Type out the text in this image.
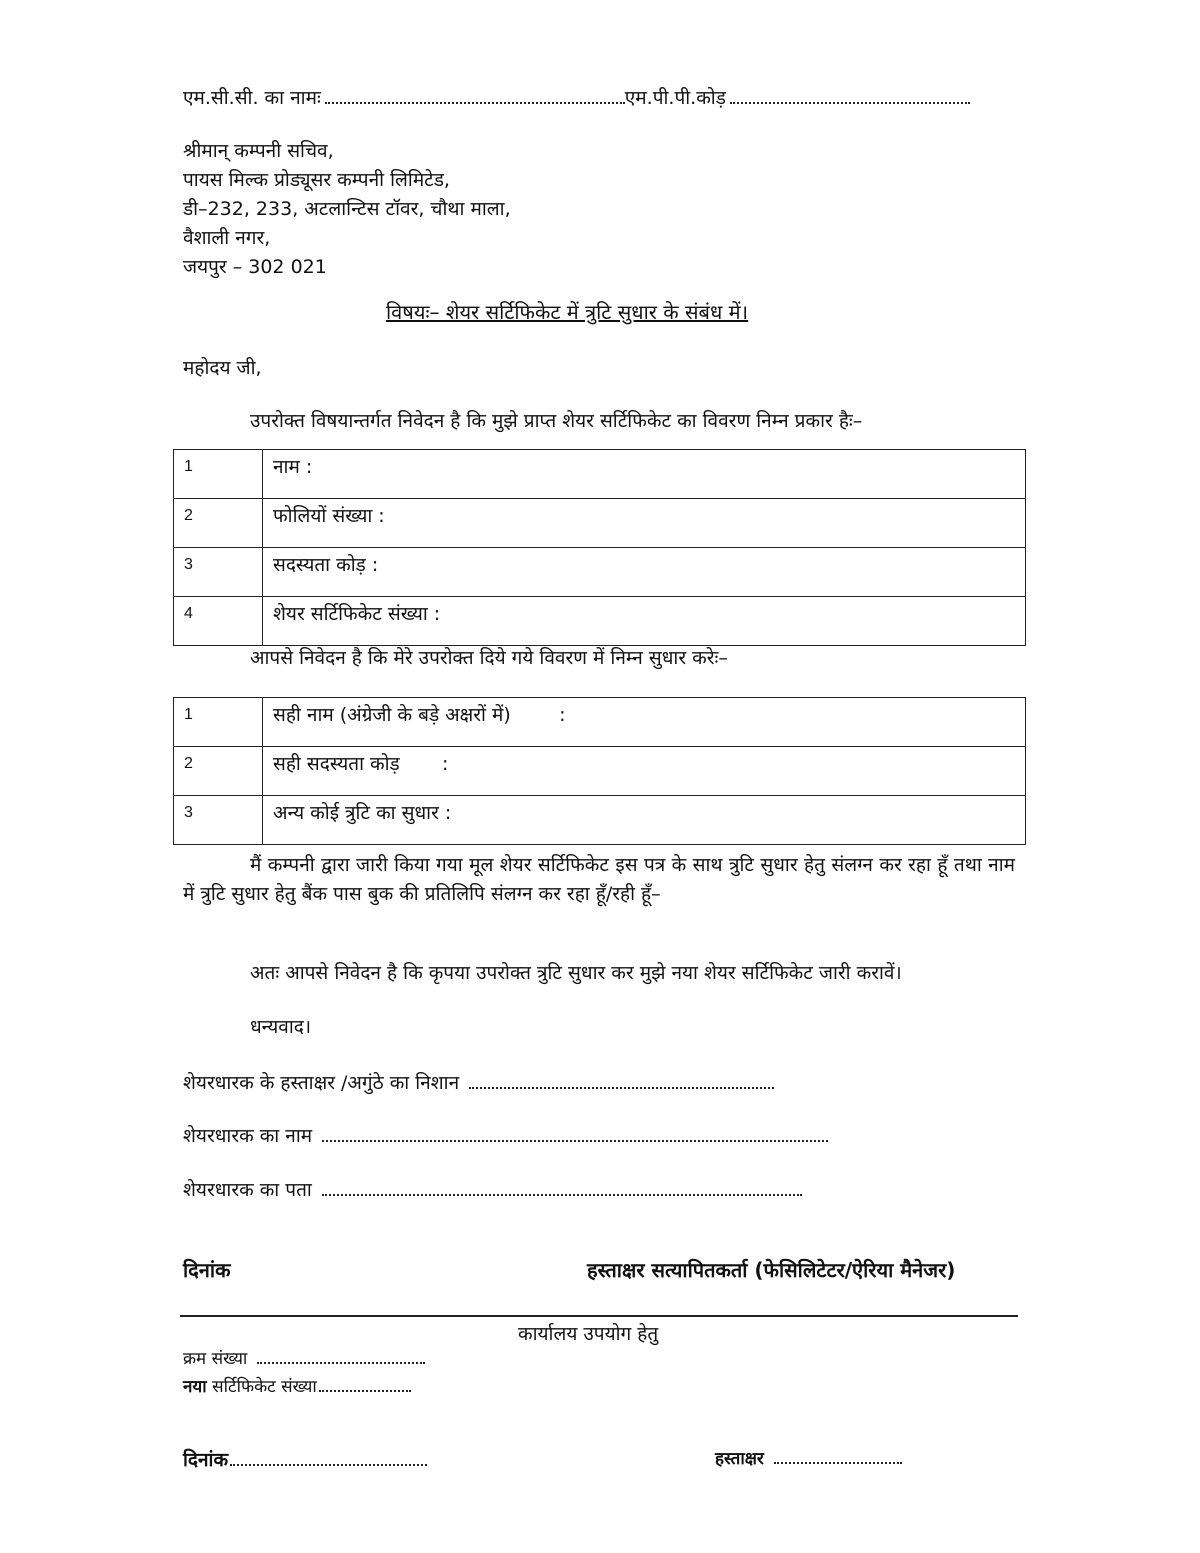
एम.सी.सी. का नामः	एम.पी.पी.कोड़
श्रीमान् कम्पनी सचिव,
पायस मिल्क प्रोड्यूसर कम्पनी लिमिटेड,
डी–232, 233, अटलान्टिस टॉवर, चौथा माला,
वैशाली नगर,
जयपुर – 302 021
विषयः– शेयर सर्टिफिकेट में त्रुटि सुधार के संबंध में।
महोदय जी,
उपरोक्त विषयान्तर्गत निवेदन है कि मुझे प्राप्त शेयर सर्टिफिकेट का विवरण निम्न प्रकार हैः–
1	नाम :
2	फोलियों संख्या :
3	सदस्यता कोड़ :
4	शेयर सर्टिफिकेट संख्या :
आपसे निवेदन है कि मेरे उपरोक्त दिये गये विवरण में निम्न सुधार करेः–
1	सही नाम (अंग्रेजी के बड़े अक्षरों में)        :
2	सही सदस्यता कोड़       :
3	अन्य कोई त्रुटि का सुधार :
मैं कम्पनी द्वारा जारी किया गया मूल शेयर सर्टिफिकेट इस पत्र के साथ त्रुटि सुधार हेतु संलग्न कर रहा हूँ तथा नाम में त्रुटि सुधार हेतु बैंक पास बुक की प्रतिलिपि संलग्न कर रहा हूँ/रही हूँ–
अतः आपसे निवेदन है कि कृपया उपरोक्त त्रुटि सुधार कर मुझे नया शेयर सर्टिफिकेट जारी करावें।
धन्यवाद।
शेयरधारक के हस्ताक्षर /अगुंठे का निशान
शेयरधारक का नाम
शेयरधारक का पता
दिनांक	हस्ताक्षर सत्यापितकर्ता (फेसिलिटेटर/ऐरिया मैनेजर)
कार्यालय उपयोग हेतु
क्रम संख्या
नया सर्टिफिकेट संख्या
दिनांक	हस्ताक्षर
